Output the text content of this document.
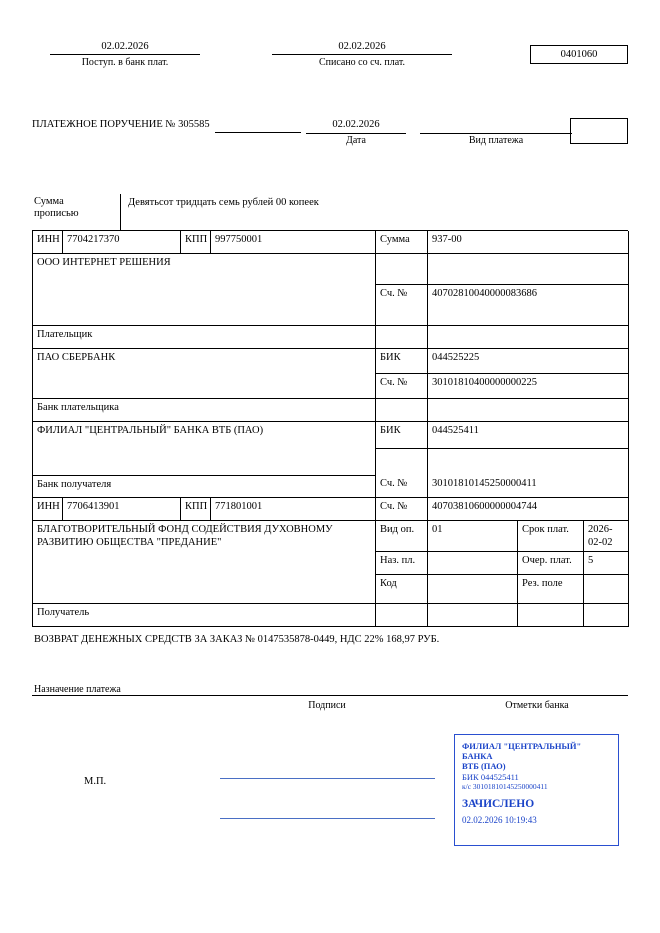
02.02.2026
Поступ. в банк плат.
02.02.2026
Списано со сч. плат.
0401060
ПЛАТЕЖНОЕ ПОРУЧЕНИЕ № 305585	02.02.2026
Дата	Вид платежа
Сумма
прописью
Девятьсот тридцать семь рублей 00 копеек
ИНН	7704217370	КПП	997750001	Сумма	937-00		
ООО ИНТЕРНЕТ РЕШЕНИЯ							
				Сч. №	40702810040000083686		
Плательщик							
ПАО СБЕРБАНК				БИК	044525225		
				Сч. №	30101810400000000225		
Банк плательщика							
ФИЛИАЛ "ЦЕНТРАЛЬНЫЙ" БАНКА ВТБ (ПАО)				БИК	044525411		

Банк получателя				Сч. №	30101810145250000411		
ИНН	7706413901	КПП	771801001	Сч. №	40703810600000004744		

БЛАГОТВОРИТЕЛЬНЫЙ ФОНД СОДЕЙСТВИЯ ДУХОВНОМУ
РАЗВИТИЮ ОБЩЕСТВА "ПРЕДАНИЕ"				Вид оп.	01	Срок плат.	2026-02-02
				Наз. пл.		Очер. плат.	5
				Код		Рез. поле	
Получатель							
ВОЗВРАТ ДЕНЕЖНЫХ СРЕДСТВ ЗА ЗАКАЗ № 0147535878-0449, НДС 22% 168,97 РУБ.
Назначение платежа
Подписи	Отметки банка
М.П.
ФИЛИАЛ "ЦЕНТРАЛЬНЫЙ" БАНКА
ВТБ (ПАО)
БИК 044525411
к/с 30101810145250000411
ЗАЧИСЛЕНО
02.02.2026 10:19:43
